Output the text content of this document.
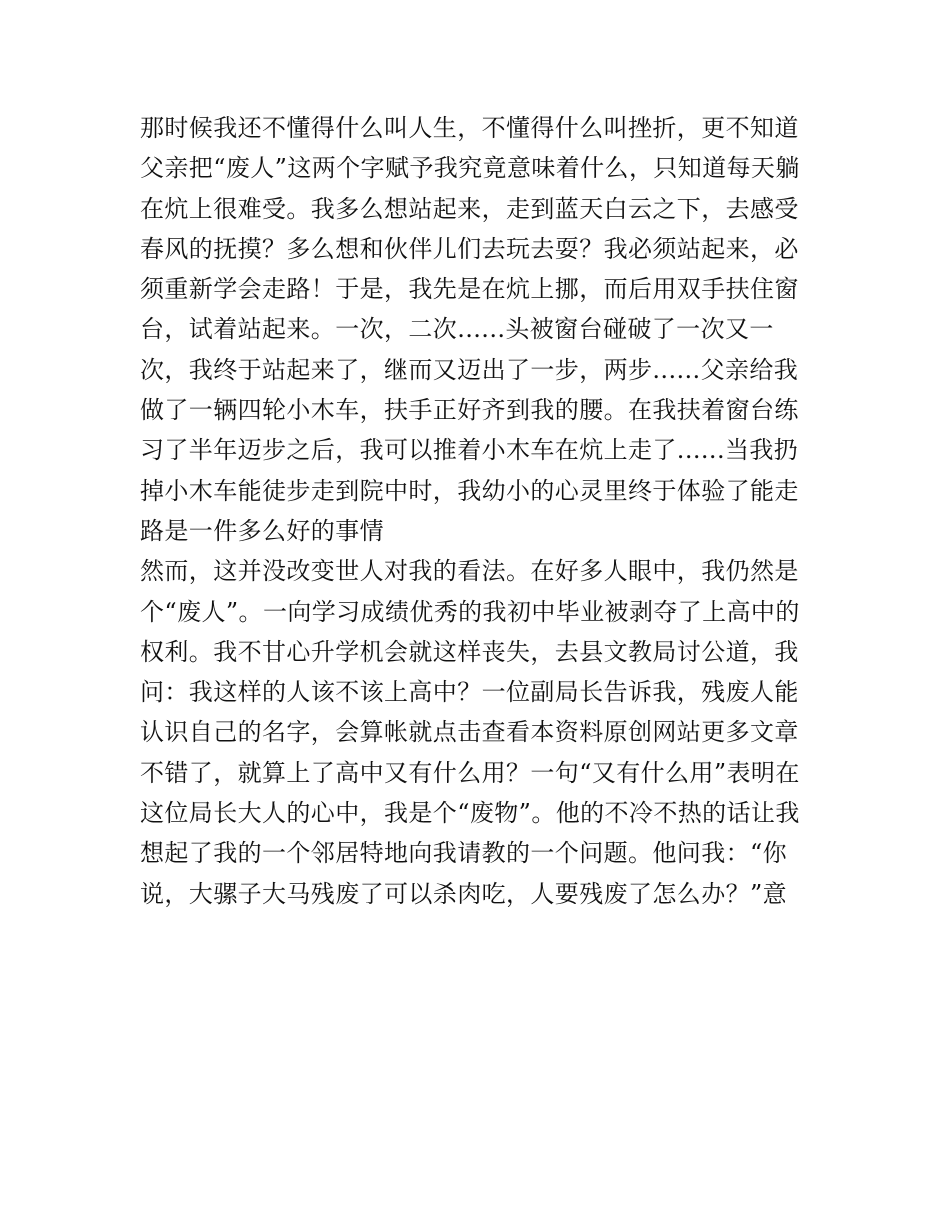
那时候我还不懂得什么叫人生，不懂得什么叫挫折，更不知道
父亲把“废人”这两个字赋予我究竟意味着什么，只知道每天躺
在炕上很难受。我多么想站起来，走到蓝天白云之下，去感受
春风的抚摸？多么想和伙伴儿们去玩去耍？我必须站起来，必
须重新学会走路！于是，我先是在炕上挪，而后用双手扶住窗
台，试着站起来。一次，二次......头被窗台碰破了一次又一
次，我终于站起来了，继而又迈出了一步，两步......父亲给我
做了一辆四轮小木车，扶手正好齐到我的腰。在我扶着窗台练
习了半年迈步之后，我可以推着小木车在炕上走了......当我扔
掉小木车能徒步走到院中时，我幼小的心灵里终于体验了能走
路是一件多么好的事情
然而，这并没改变世人对我的看法。在好多人眼中，我仍然是
个“废人”。一向学习成绩优秀的我初中毕业被剥夺了上高中的
权利。我不甘心升学机会就这样丧失，去县文教局讨公道，我
问：我这样的人该不该上高中？一位副局长告诉我，残废人能
认识自己的名字，会算帐就点击查看本资料原创网站更多文章
不错了，就算上了高中又有什么用？一句“又有什么用”表明在
这位局长大人的心中，我是个“废物”。他的不冷不热的话让我
想起了我的一个邻居特地向我请教的一个问题。他问我：“你
说，大骡子大马残废了可以杀肉吃，人要残废了怎么办？”意
